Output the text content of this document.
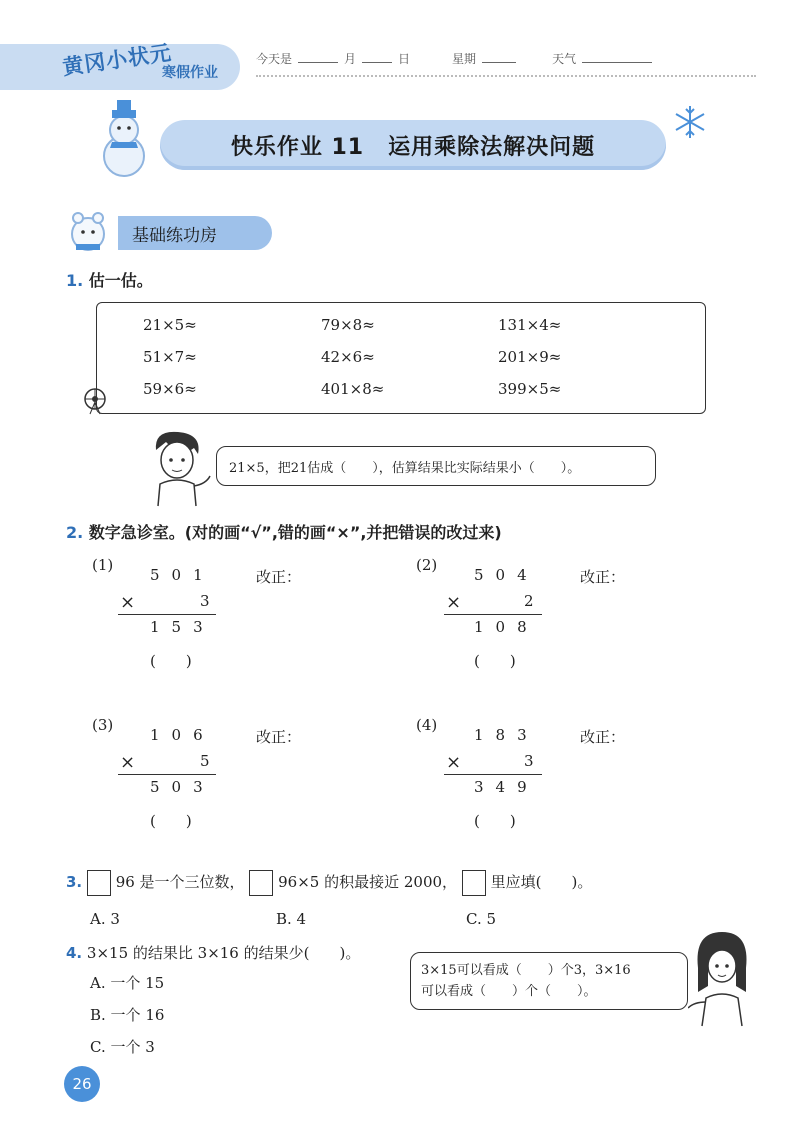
黄冈小状元
寒假作业
今天是	月	日	星期	天气
快乐作业 11 运用乘除法解决问题
基础练功房
1. 估一估。
21×5≈	79×8≈	131×4≈
51×7≈	42×6≈	201×9≈
59×6≈	401×8≈	399×5≈
21×5，把21估成（　　），估算结果比实际结果小（　　）。
2. 数字急诊室。(对的画“√”,错的画“×”,并把错误的改过来)
(1)
501
×	3
153
(　　)
改正：
(2)
504
×	2
108
(　　)
改正：
(3)
106
×	5
503
(　　)
改正：
(4)
183
×	3
349
(　　)
改正：
3. 96 是一个三位数， 96×5 的积最接近 2000， 里应填(　　)。
A. 3	B. 4	C. 5
4. 3×15 的结果比 3×16 的结果少(　　)。
A. 一个 15
B. 一个 16
C. 一个 3
3×15可以看成（　　）个3，3×16
可以看成（　　）个（　　）。
26
